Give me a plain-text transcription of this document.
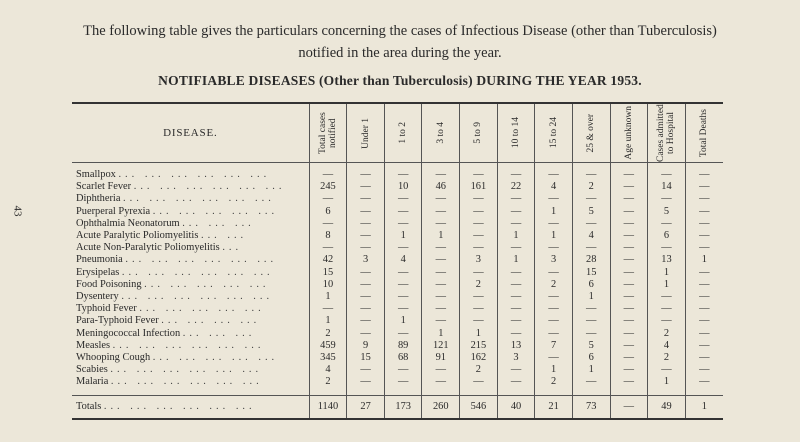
43
The following table gives the particulars concerning the cases of Infectious Disease (other than Tuberculosis) notified in the area during the year.
NOTIFIABLE DISEASES (Other than Tuberculosis) DURING THE YEAR 1953.
DISEASE.	Total cases notified	Under 1	1 to 2	3 to 4	5 to 9	10 to 14	15 to 24	25 & over	Age unknown	Cases admitted to Hospital	Total Deaths

Smallpox ... ... ... ... ... ...	—	—	—	—	—	—	—	—	—	—	—
Scarlet Fever ... ... ... ... ... ...	245	—	10	46	161	22	4	2	—	14	—
Diphtheria ... ... ... ... ... ...	—	—	—	—	—	—	—	—	—	—	—
Puerperal Pyrexia ... ... ... ... ...	6	—	—	—	—	—	1	5	—	5	—
Ophthalmia Neonatorum ... ... ...	—	—	—	—	—	—	—	—	—	—	—
Acute Paralytic Poliomyelitis ... ...	8	—	1	1	—	1	1	4	—	6	—
Acute Non-Paralytic Poliomyelitis ...	—	—	—	—	—	—	—	—	—	—	—
Pneumonia ... ... ... ... ... ...	42	3	4	—	3	1	3	28	—	13	1
Erysipelas ... ... ... ... ... ...	15	—	—	—	—	—	—	15	—	1	—
Food Poisoning ... ... ... ... ...	10	—	—	—	2	—	2	6	—	1	—
Dysentery ... ... ... ... ... ...	1	—	—	—	—	—	—	1	—	—	—
Typhoid Fever ... ... ... ... ...	—	—	—	—	—	—	—	—	—	—	—
Para-Typhoid Fever ... ... ... ...	1	—	1	—	—	—	—	—	—	—	—
Meningococcal Infection ... ... ...	2	—	—	1	1	—	—	—	—	2	—
Measles ... ... ... ... ... ...	459	9	89	121	215	13	7	5	—	4	—
Whooping Cough ... ... ... ... ...	345	15	68	91	162	3	—	6	—	2	—
Scabies ... ... ... ... ... ...	4	—	—	—	2	—	1	1	—	—	—
Malaria ... ... ... ... ... ...	2	—	—	—	—	—	2	—	—	1	—

Totals ... ... ... ... ... ...	1140	27	173	260	546	40	21	73	—	49	1
